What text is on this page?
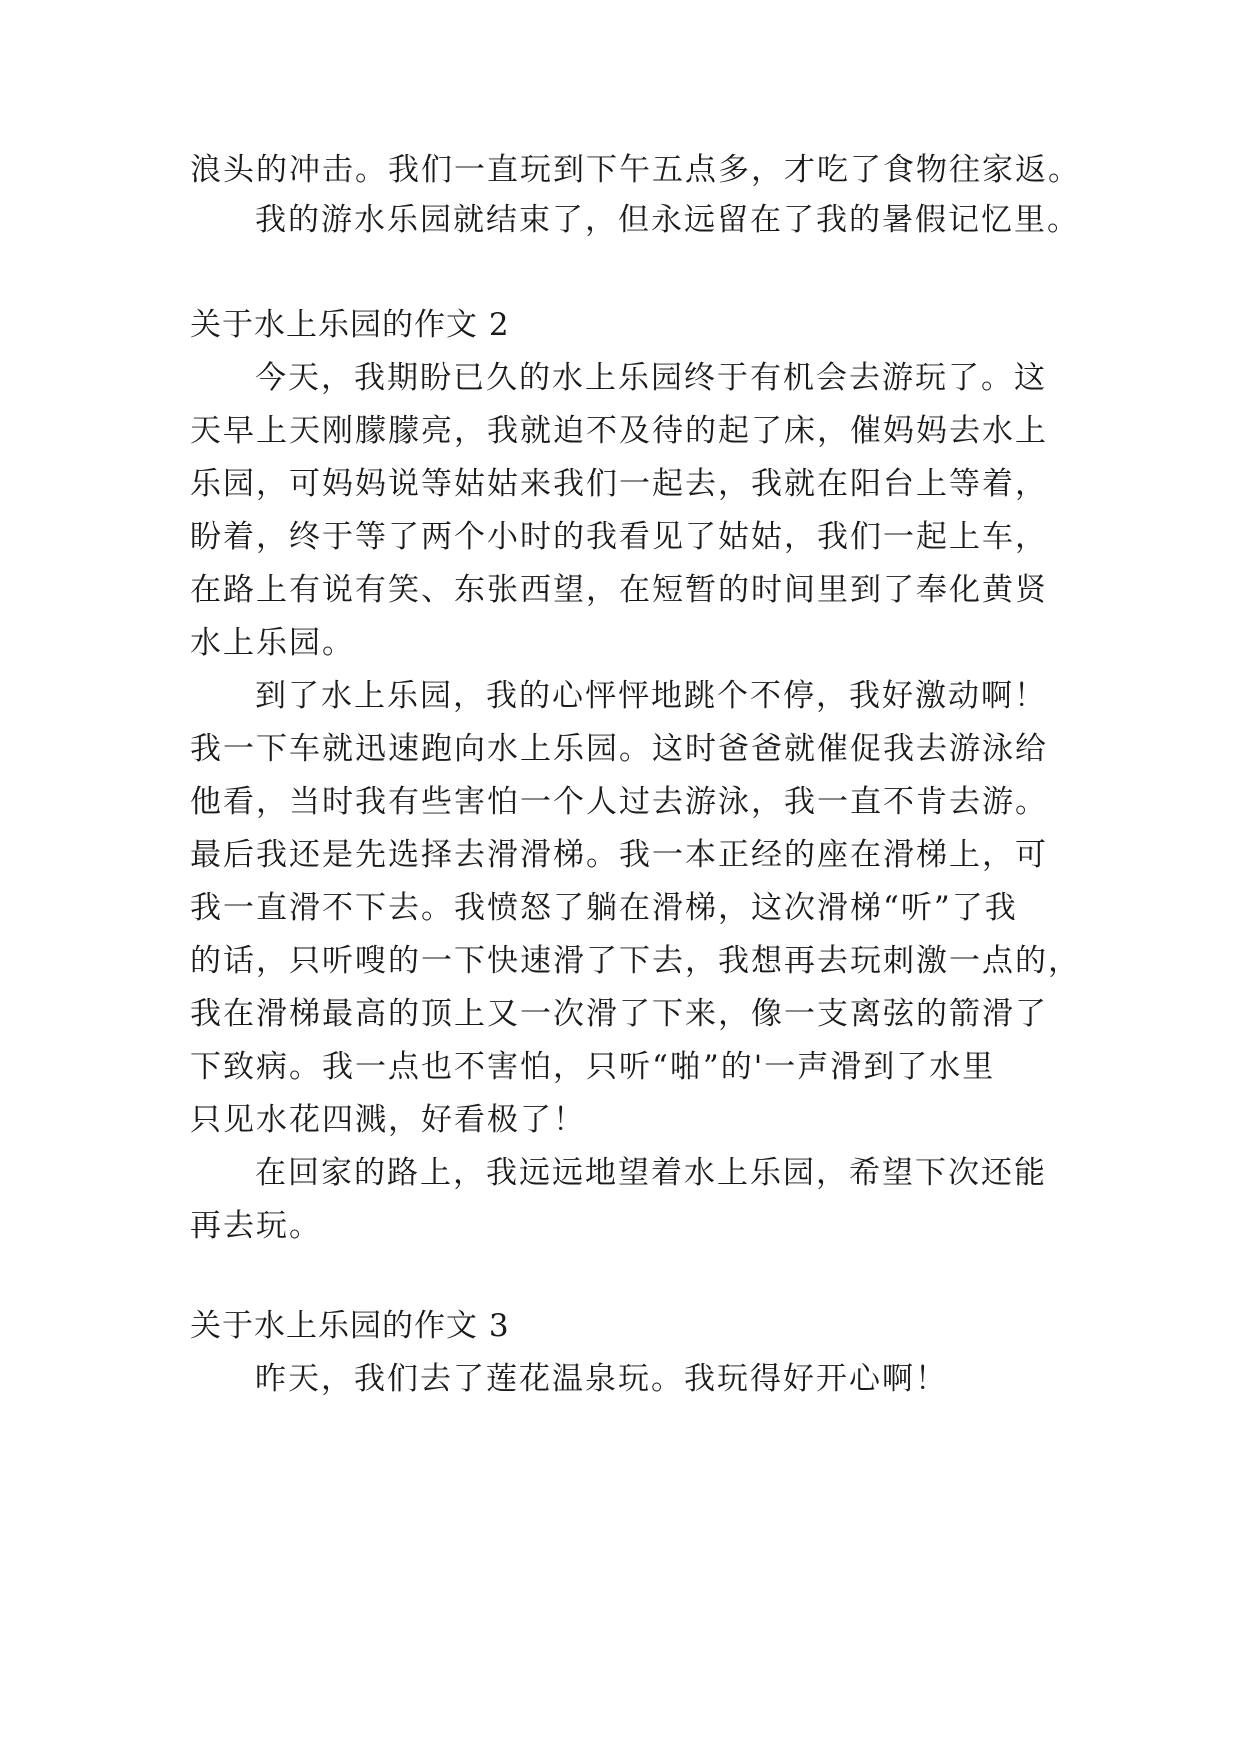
浪头的冲击。我们一直玩到下午五点多，才吃了食物往家返。
我的游水乐园就结束了，但永远留在了我的暑假记忆里。
关于水上乐园的作文 2
今天，我期盼已久的水上乐园终于有机会去游玩了。这
天早上天刚朦朦亮，我就迫不及待的起了床，催妈妈去水上
乐园，可妈妈说等姑姑来我们一起去，我就在阳台上等着，
盼着，终于等了两个小时的我看见了姑姑，我们一起上车，
在路上有说有笑、东张西望，在短暂的时间里到了奉化黄贤
水上乐园。
到了水上乐园，我的心怦怦地跳个不停，我好激动啊！
我一下车就迅速跑向水上乐园。这时爸爸就催促我去游泳给
他看，当时我有些害怕一个人过去游泳，我一直不肯去游。
最后我还是先选择去滑滑梯。我一本正经的座在滑梯上，可
我一直滑不下去。我愤怒了躺在滑梯，这次滑梯“听”了我
的话，只听嗖的一下快速滑了下去，我想再去玩刺激一点的，
我在滑梯最高的顶上又一次滑了下来，像一支离弦的箭滑了
下致病。我一点也不害怕，只听“啪”的'一声滑到了水里
只见水花四溅，好看极了！
在回家的路上，我远远地望着水上乐园，希望下次还能
再去玩。
关于水上乐园的作文 3
昨天，我们去了莲花温泉玩。我玩得好开心啊！
